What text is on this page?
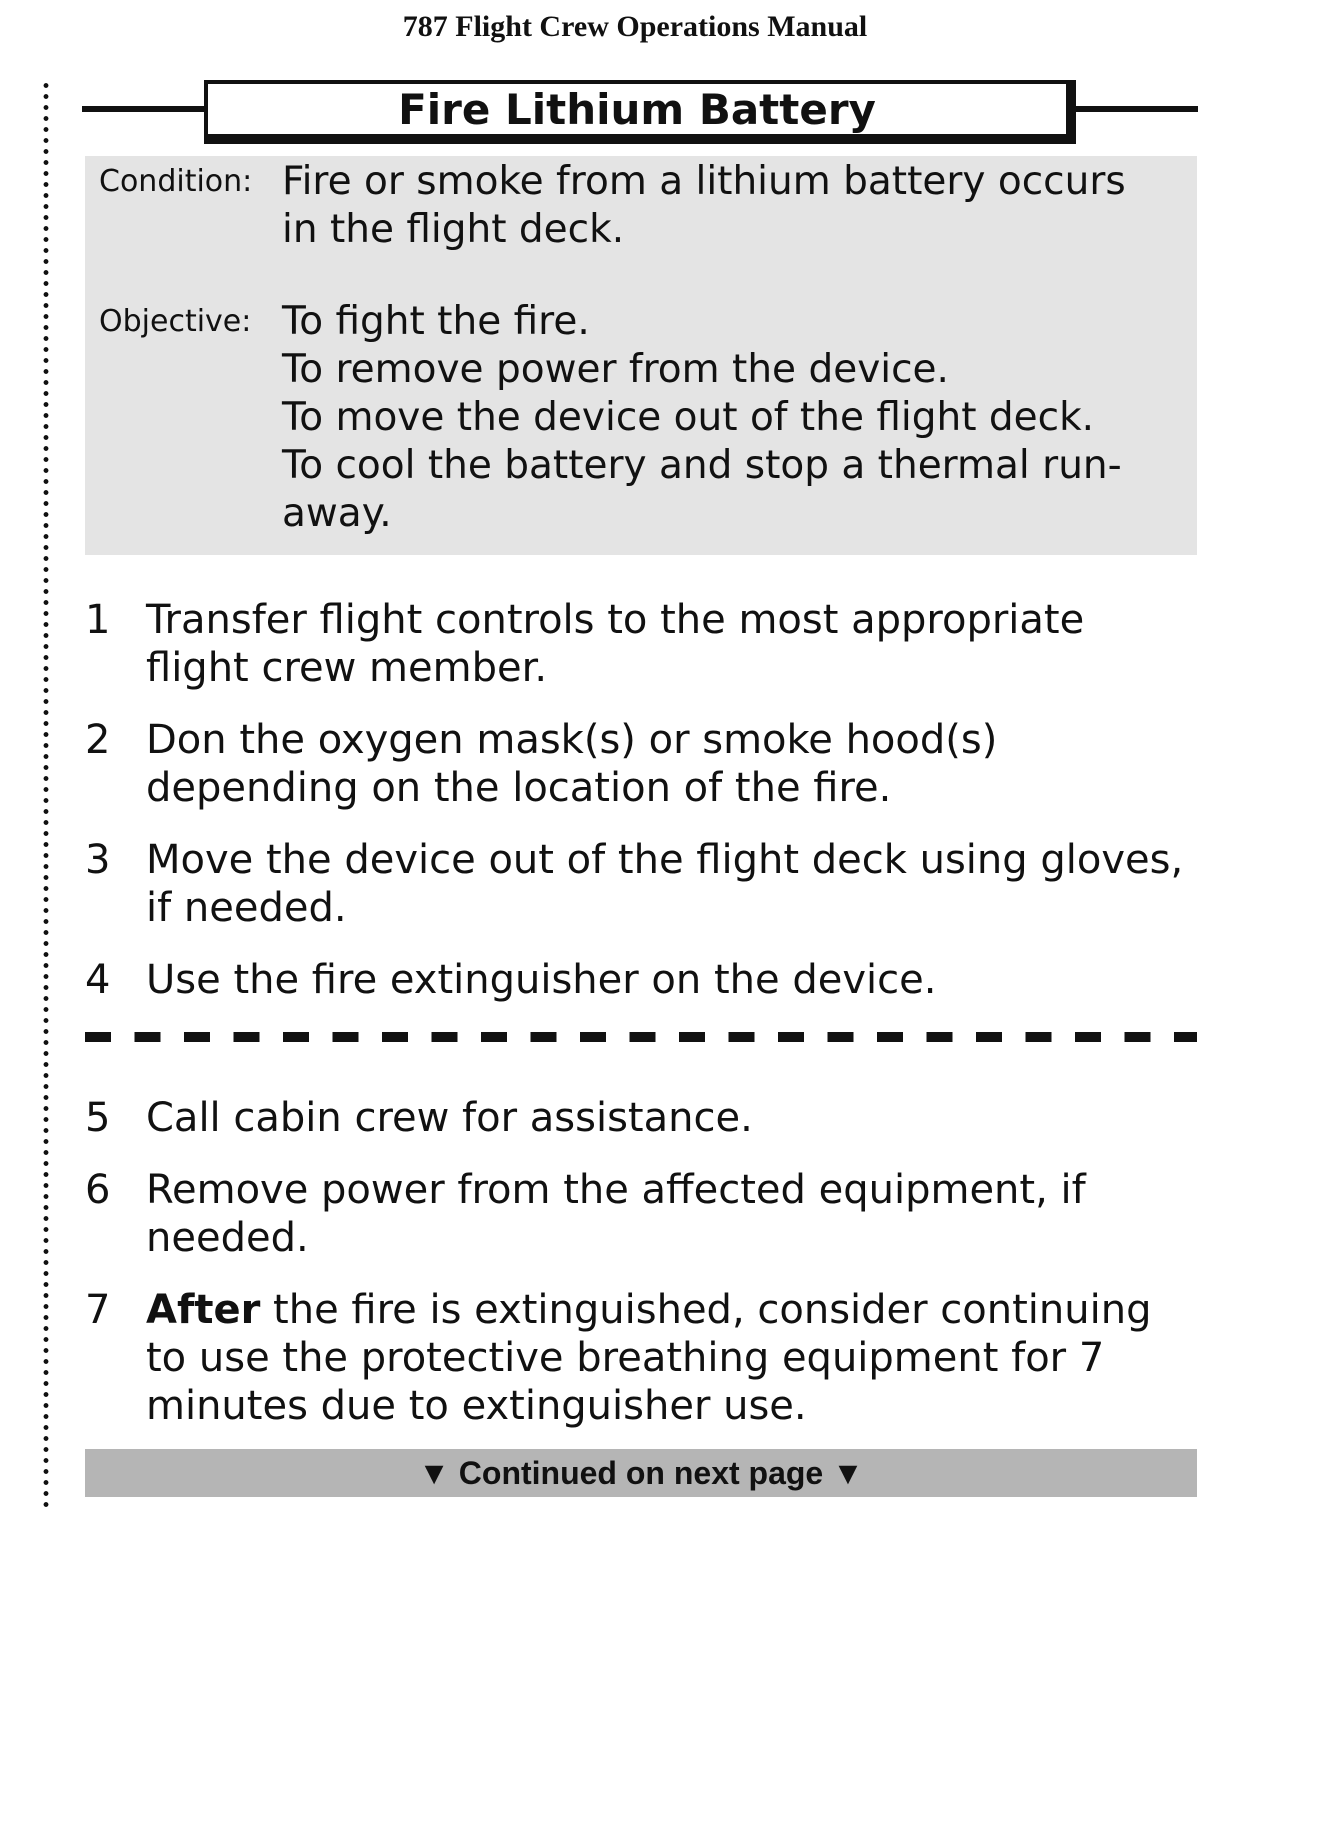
787 Flight Crew Operations Manual
Fire Lithium Battery
Condition: Fire or smoke from a lithium battery occurs
in the flight deck.
Objective: To fight the fire.
To remove power from the device.
To move the device out of the flight deck.
To cool the battery and stop a thermal run-
away.
1 Transfer flight controls to the most appropriate
flight crew member.
2 Don the oxygen mask(s) or smoke hood(s)
depending on the location of the fire.
3 Move the device out of the flight deck using gloves,
if needed.
4 Use the fire extinguisher on the device.
5 Call cabin crew for assistance.
6 Remove power from the affected equipment, if
needed.
7 After the fire is extinguished, consider continuing
to use the protective breathing equipment for 7
minutes due to extinguisher use.
▼ Continued on next page ▼
